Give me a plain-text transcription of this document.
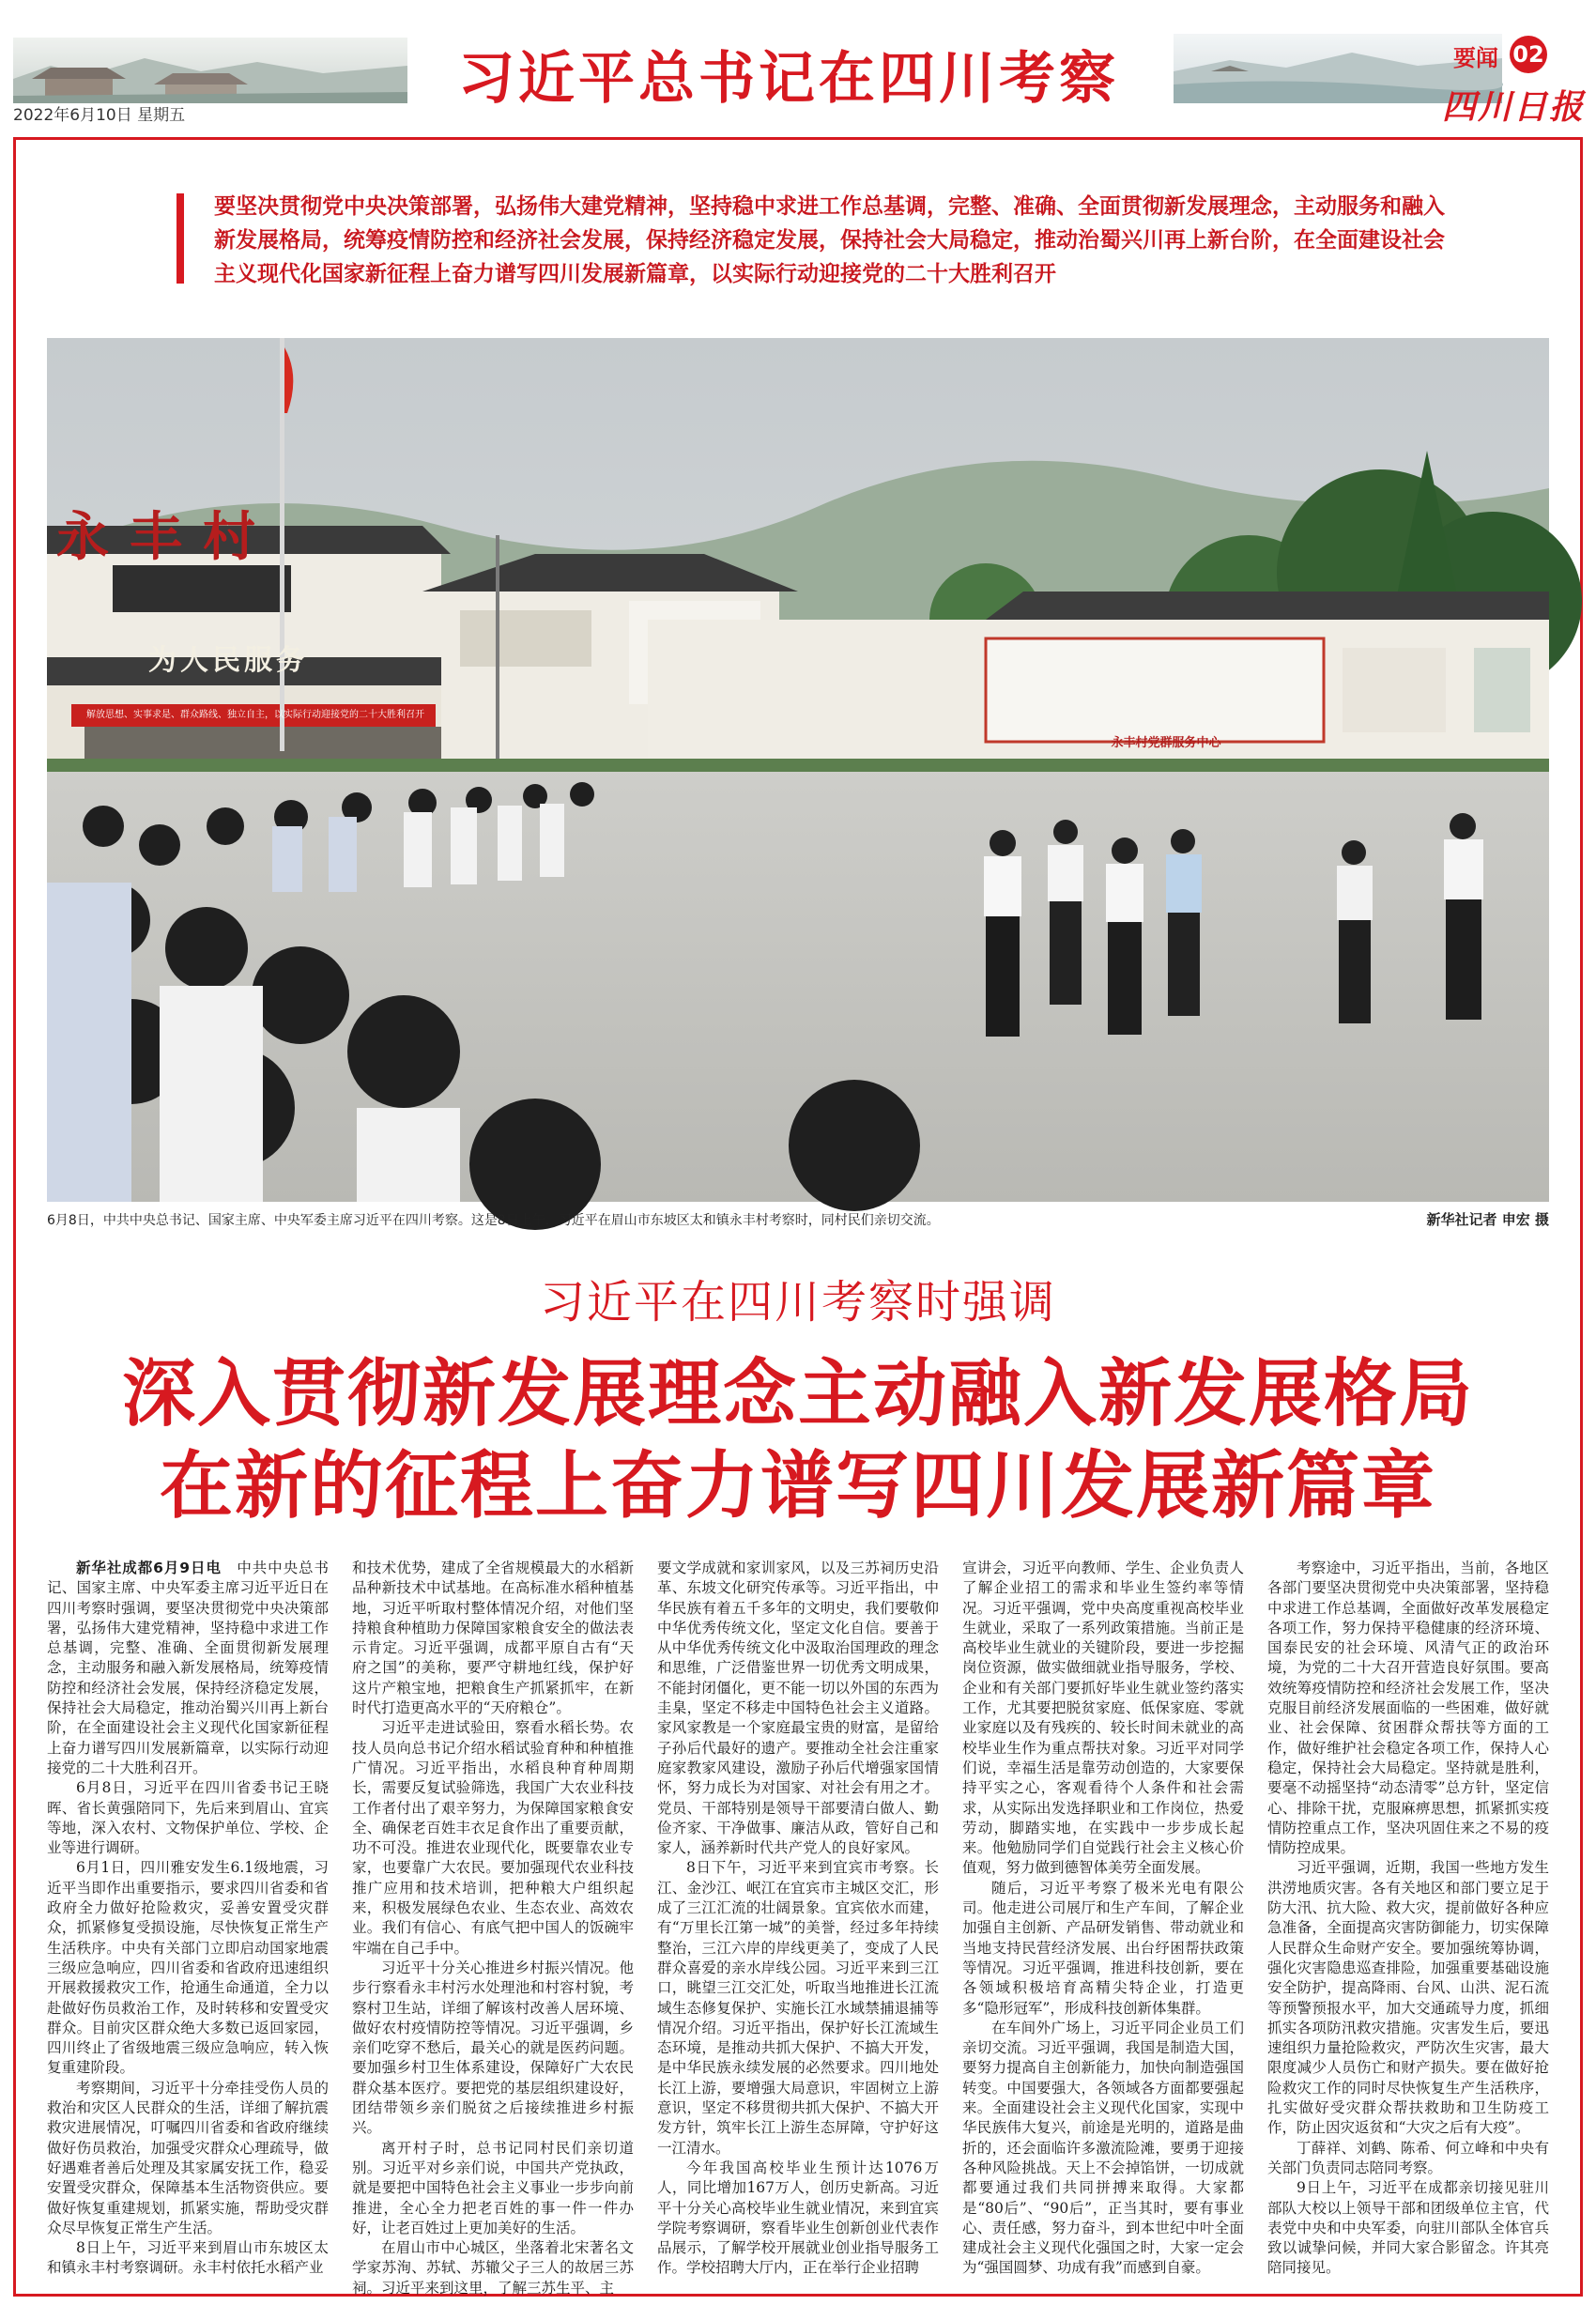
习近平总书记在四川考察
2022年6月10日 星期五
要闻 02
四川日报
要坚决贯彻党中央决策部署，弘扬伟大建党精神，坚持稳中求进工作总基调，完整、准确、全面贯彻新发展理念，主动服务和融入新发展格局，统筹疫情防控和经济社会发展，保持经济稳定发展，保持社会大局稳定，推动治蜀兴川再上新台阶，在全面建设社会主义现代化国家新征程上奋力谱写四川发展新篇章，以实际行动迎接党的二十大胜利召开
永丰村
为人民服务
解放思想、实事求是、群众路线、独立自主，以实际行动迎接党的二十大胜利召开
永丰村党群服务中心
6月8日，中共中央总书记、国家主席、中央军委主席习近平在四川考察。这是8日上午，习近平在眉山市东坡区太和镇永丰村考察时，同村民们亲切交流。	新华社记者 申宏 摄
习近平在四川考察时强调
深入贯彻新发展理念主动融入新发展格局
在新的征程上奋力谱写四川发展新篇章

新华社成都6月9日电  中共中央总书记、国家主席、中央军委主席习近平近日在四川考察时强调，要坚决贯彻党中央决策部署，弘扬伟大建党精神，坚持稳中求进工作总基调，完整、准确、全面贯彻新发展理念，主动服务和融入新发展格局，统筹疫情防控和经济社会发展，保持经济稳定发展，保持社会大局稳定，推动治蜀兴川再上新台阶，在全面建设社会主义现代化国家新征程上奋力谱写四川发展新篇章，以实际行动迎接党的二十大胜利召开。

6月8日，习近平在四川省委书记王晓晖、省长黄强陪同下，先后来到眉山、宜宾等地，深入农村、文物保护单位、学校、企业等进行调研。

6月1日，四川雅安发生6.1级地震，习近平当即作出重要指示，要求四川省委和省政府全力做好抢险救灾，妥善安置受灾群众，抓紧修复受损设施，尽快恢复正常生产生活秩序。中央有关部门立即启动国家地震三级应急响应，四川省委和省政府迅速组织开展救援救灾工作，抢通生命通道，全力以赴做好伤员救治工作，及时转移和安置受灾群众。目前灾区群众绝大多数已返回家园，四川终止了省级地震三级应急响应，转入恢复重建阶段。

考察期间，习近平十分牵挂受伤人员的救治和灾区人民群众的生活，详细了解抗震救灾进展情况，叮嘱四川省委和省政府继续做好伤员救治，加强受灾群众心理疏导，做好遇难者善后处理及其家属安抚工作，稳妥安置受灾群众，保障基本生活物资供应。要做好恢复重建规划，抓紧实施，帮助受灾群众尽早恢复正常生产生活。

8日上午，习近平来到眉山市东坡区太和镇永丰村考察调研。永丰村依托水稻产业

和技术优势，建成了全省规模最大的水稻新品种新技术中试基地。在高标准水稻种植基地，习近平听取村整体情况介绍，对他们坚持粮食种植助力保障国家粮食安全的做法表示肯定。习近平强调，成都平原自古有“天府之国”的美称，要严守耕地红线，保护好这片产粮宝地，把粮食生产抓紧抓牢，在新时代打造更高水平的“天府粮仓”。

习近平走进试验田，察看水稻长势。农技人员向总书记介绍水稻试验育种和种植推广情况。习近平指出，水稻良种育种周期长，需要反复试验筛选，我国广大农业科技工作者付出了艰辛努力，为保障国家粮食安全、确保老百姓丰衣足食作出了重要贡献，功不可没。推进农业现代化，既要靠农业专家，也要靠广大农民。要加强现代农业科技推广应用和技术培训，把种粮大户组织起来，积极发展绿色农业、生态农业、高效农业。我们有信心、有底气把中国人的饭碗牢牢端在自己手中。

习近平十分关心推进乡村振兴情况。他步行察看永丰村污水处理池和村容村貌，考察村卫生站，详细了解该村改善人居环境、做好农村疫情防控等情况。习近平强调，乡亲们吃穿不愁后，最关心的就是医药问题。要加强乡村卫生体系建设，保障好广大农民群众基本医疗。要把党的基层组织建设好，团结带领乡亲们脱贫之后接续推进乡村振兴。

离开村子时，总书记同村民们亲切道别。习近平对乡亲们说，中国共产党执政，就是要把中国特色社会主义事业一步步向前推进，全心全力把老百姓的事一件一件办好，让老百姓过上更加美好的生活。

在眉山市中心城区，坐落着北宋著名文学家苏洵、苏轼、苏辙父子三人的故居三苏祠。习近平来到这里，了解三苏生平、主

要文学成就和家训家风，以及三苏祠历史沿革、东坡文化研究传承等。习近平指出，中华民族有着五千多年的文明史，我们要敬仰中华优秀传统文化，坚定文化自信。要善于从中华优秀传统文化中汲取治国理政的理念和思维，广泛借鉴世界一切优秀文明成果，不能封闭僵化，更不能一切以外国的东西为圭臬，坚定不移走中国特色社会主义道路。家风家教是一个家庭最宝贵的财富，是留给子孙后代最好的遗产。要推动全社会注重家庭家教家风建设，激励子孙后代增强家国情怀，努力成长为对国家、对社会有用之才。党员、干部特别是领导干部要清白做人、勤俭齐家、干净做事、廉洁从政，管好自己和家人，涵养新时代共产党人的良好家风。

8日下午，习近平来到宜宾市考察。长江、金沙江、岷江在宜宾市主城区交汇，形成了三江汇流的壮阔景象。宜宾依水而建，有“万里长江第一城”的美誉，经过多年持续整治，三江六岸的岸线更美了，变成了人民群众喜爱的亲水岸线公园。习近平来到三江口，眺望三江交汇处，听取当地推进长江流域生态修复保护、实施长江水域禁捕退捕等情况介绍。习近平指出，保护好长江流域生态环境，是推动共抓大保护、不搞大开发，是中华民族永续发展的必然要求。四川地处长江上游，要增强大局意识，牢固树立上游意识，坚定不移贯彻共抓大保护、不搞大开发方针，筑牢长江上游生态屏障，守护好这一江清水。

今年我国高校毕业生预计达1076万人，同比增加167万人，创历史新高。习近平十分关心高校毕业生就业情况，来到宜宾学院考察调研，察看毕业生创新创业代表作品展示，了解学校开展就业创业指导服务工作。学校招聘大厅内，正在举行企业招聘

宣讲会，习近平向教师、学生、企业负责人了解企业招工的需求和毕业生签约率等情况。习近平强调，党中央高度重视高校毕业生就业，采取了一系列政策措施。当前正是高校毕业生就业的关键阶段，要进一步挖掘岗位资源，做实做细就业指导服务，学校、企业和有关部门要抓好毕业生就业签约落实工作，尤其要把脱贫家庭、低保家庭、零就业家庭以及有残疾的、较长时间未就业的高校毕业生作为重点帮扶对象。习近平对同学们说，幸福生活是靠劳动创造的，大家要保持平实之心，客观看待个人条件和社会需求，从实际出发选择职业和工作岗位，热爱劳动，脚踏实地，在实践中一步步成长起来。他勉励同学们自觉践行社会主义核心价值观，努力做到德智体美劳全面发展。

随后，习近平考察了极米光电有限公司。他走进公司展厅和生产车间，了解企业加强自主创新、产品研发销售、带动就业和当地支持民营经济发展、出台纾困帮扶政策等情况。习近平强调，推进科技创新，要在各领域积极培育高精尖特企业，打造更多“隐形冠军”，形成科技创新体集群。

在车间外广场上，习近平同企业员工们亲切交流。习近平强调，我国是制造大国，要努力提高自主创新能力，加快向制造强国转变。中国要强大，各领域各方面都要强起来。全面建设社会主义现代化国家，实现中华民族伟大复兴，前途是光明的，道路是曲折的，还会面临许多激流险滩，要勇于迎接各种风险挑战。天上不会掉馅饼，一切成就都要通过我们共同拼搏来取得。大家都是“80后”、“90后”，正当其时，要有事业心、责任感，努力奋斗，到本世纪中叶全面建成社会主义现代化强国之时，大家一定会为“强国圆梦、功成有我”而感到自豪。

考察途中，习近平指出，当前，各地区各部门要坚决贯彻党中央决策部署，坚持稳中求进工作总基调，全面做好改革发展稳定各项工作，努力保持平稳健康的经济环境、国泰民安的社会环境、风清气正的政治环境，为党的二十大召开营造良好氛围。要高效统筹疫情防控和经济社会发展工作，坚决克服目前经济发展面临的一些困难，做好就业、社会保障、贫困群众帮扶等方面的工作，做好维护社会稳定各项工作，保持人心稳定，保持社会大局稳定。坚持就是胜利，要毫不动摇坚持“动态清零”总方针，坚定信心、排除干扰，克服麻痹思想，抓紧抓实疫情防控重点工作，坚决巩固住来之不易的疫情防控成果。

习近平强调，近期，我国一些地方发生洪涝地质灾害。各有关地区和部门要立足于防大汛、抗大险、救大灾，提前做好各种应急准备，全面提高灾害防御能力，切实保障人民群众生命财产安全。要加强统筹协调，强化灾害隐患巡查排险，加强重要基础设施安全防护，提高降雨、台风、山洪、泥石流等预警预报水平，加大交通疏导力度，抓细抓实各项防汛救灾措施。灾害发生后，要迅速组织力量抢险救灾，严防次生灾害，最大限度减少人员伤亡和财产损失。要在做好抢险救灾工作的同时尽快恢复生产生活秩序，扎实做好受灾群众帮扶救助和卫生防疫工作，防止因灾返贫和“大灾之后有大疫”。

丁薛祥、刘鹤、陈希、何立峰和中央有关部门负责同志陪同考察。

9日上午，习近平在成都亲切接见驻川部队大校以上领导干部和团级单位主官，代表党中央和中央军委，向驻川部队全体官兵致以诚挚问候，并同大家合影留念。许其亮陪同接见。
